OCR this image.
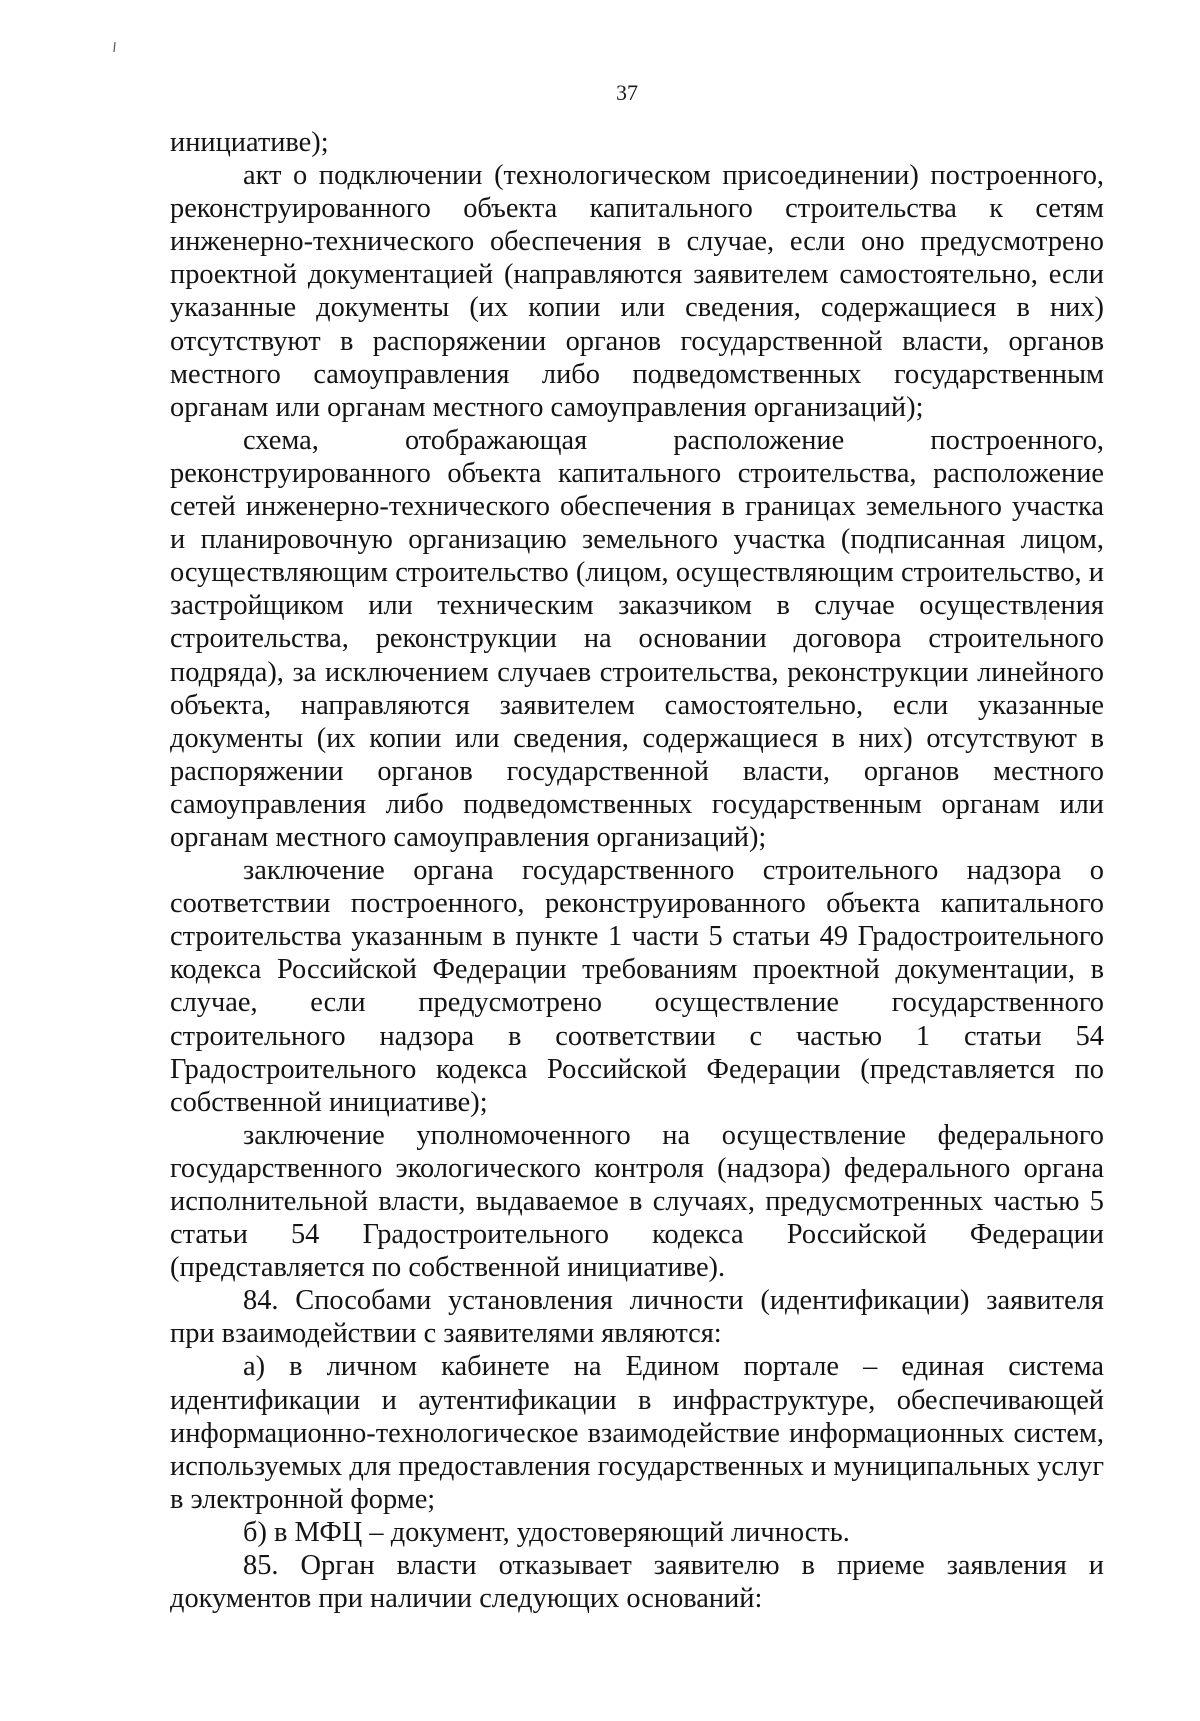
37

инициативе);

акт о подключении (технологическом присоединении) построенного, реконструированного объекта капитального строительства к сетям инженерно-технического обеспечения в случае, если оно предусмотрено проектной документацией (направляются заявителем самостоятельно, если указанные документы (их копии или сведения, содержащиеся в них) отсутствуют в распоряжении органов государственной власти, органов местного самоуправления либо подведомственных государственным органам или органам местного самоуправления организаций);

схема, отображающая расположение построенного, реконструированного объекта капитального строительства, расположение сетей инженерно-технического обеспечения в границах земельного участка и планировочную организацию земельного участка (подписанная лицом, осуществляющим строительство (лицом, осуществляющим строительство, и застройщиком или техническим заказчиком в случае осуществления строительства, реконструкции на основании договора строительного подряда), за исключением случаев строительства, реконструкции линейного объекта, направляются заявителем самостоятельно, если указанные документы (их копии или сведения, содержащиеся в них) отсутствуют в распоряжении органов государственной власти, органов местного самоуправления либо подведомственных государственным органам или органам местного самоуправления организаций);

заключение органа государственного строительного надзора о соответствии построенного, реконструированного объекта капитального строительства указанным в пункте 1 части 5 статьи 49 Градостроительного кодекса Российской Федерации требованиям проектной документации, в случае, если предусмотрено осуществление государственного строительного надзора в соответствии с частью 1 статьи 54 Градостроительного кодекса Российской Федерации (представляется по собственной инициативе);

заключение уполномоченного на осуществление федерального государственного экологического контроля (надзора) федерального органа исполнительной власти, выдаваемое в случаях, предусмотренных частью 5 статьи 54 Градостроительного кодекса Российской Федерации (представляется по собственной инициативе).

84. Способами установления личности (идентификации) заявителя при взаимодействии с заявителями являются:

а) в личном кабинете на Едином портале – единая система идентификации и аутентификации в инфраструктуре, обеспечивающей информационно-технологическое взаимодействие информационных систем, используемых для предоставления государственных и муниципальных услуг в электронной форме;

б) в МФЦ – документ, удостоверяющий личность.

85. Орган власти отказывает заявителю в приеме заявления и документов при наличии следующих оснований:
